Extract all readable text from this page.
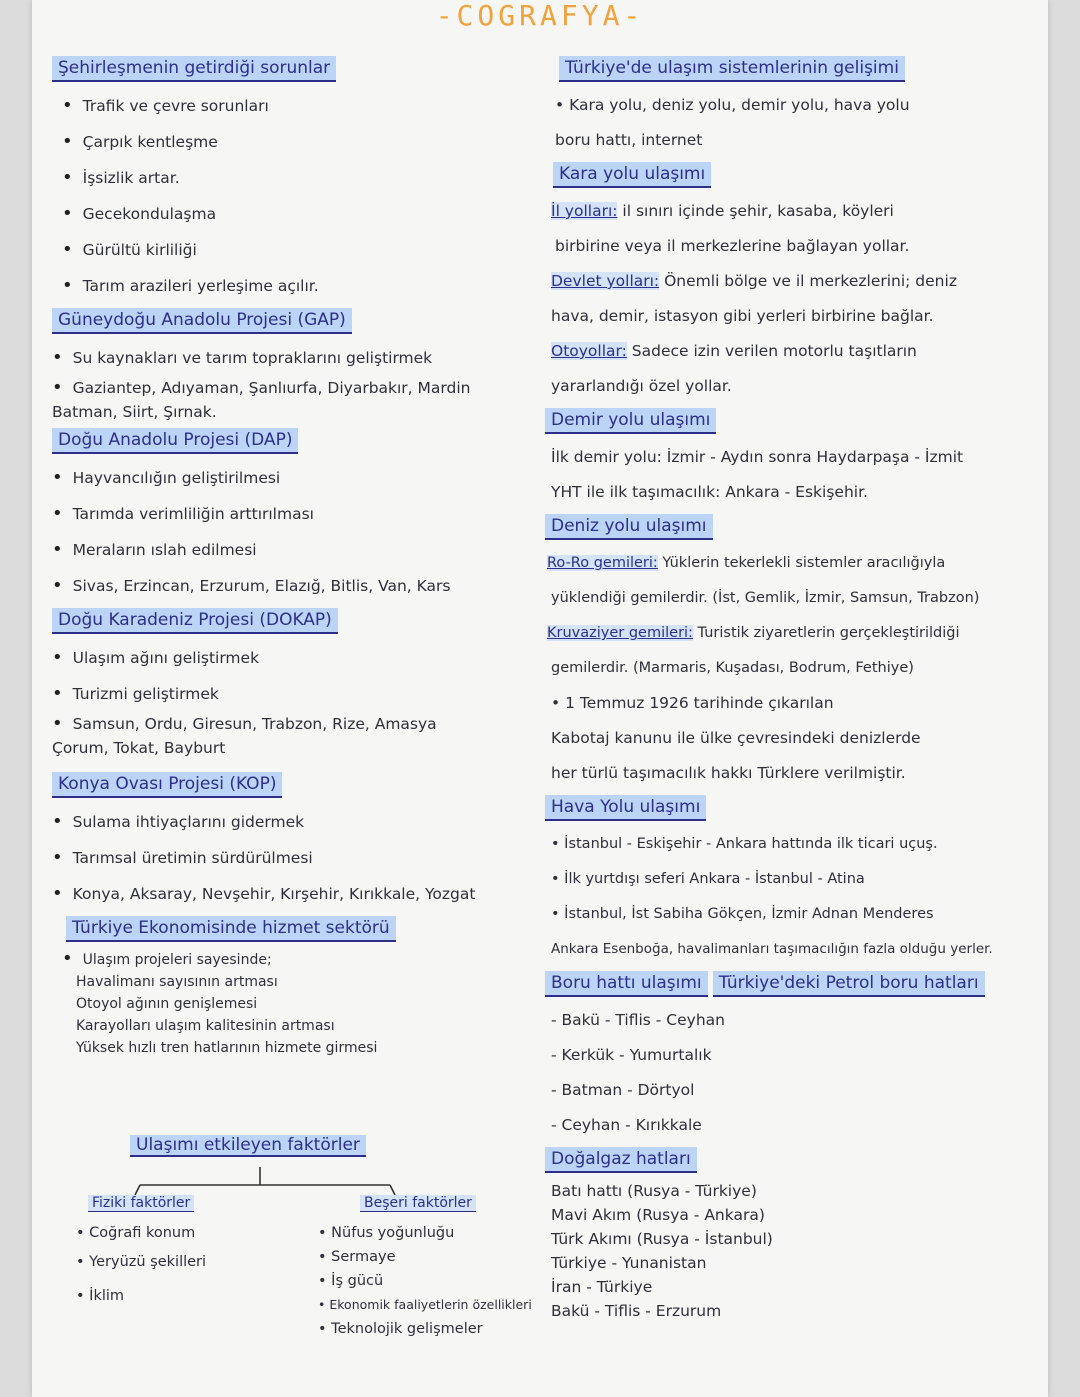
-COGRAFYA-
Şehirleşmenin getirdiği sorunlar
• Trafik ve çevre sorunları
• Çarpık kentleşme
• İşsizlik artar.
• Gecekondulaşma
• Gürültü kirliliği
• Tarım arazileri yerleşime açılır.
Güneydoğu Anadolu Projesi (GAP)
• Su kaynakları ve tarım topraklarını geliştirmek
• Gaziantep, Adıyaman, Şanlıurfa, Diyarbakır, Mardin
Batman, Siirt, Şırnak.
Doğu Anadolu Projesi (DAP)
• Hayvancılığın geliştirilmesi
• Tarımda verimliliğin arttırılması
• Meraların ıslah edilmesi
• Sivas, Erzincan, Erzurum, Elazığ, Bitlis, Van, Kars
Doğu Karadeniz Projesi (DOKAP)
• Ulaşım ağını geliştirmek
• Turizmi geliştirmek
• Samsun, Ordu, Giresun, Trabzon, Rize, Amasya
Çorum, Tokat, Bayburt
Konya Ovası Projesi (KOP)
• Sulama ihtiyaçlarını gidermek
• Tarımsal üretimin sürdürülmesi
• Konya, Aksaray, Nevşehir, Kırşehir, Kırıkkale, Yozgat
Türkiye Ekonomisinde hizmet sektörü
• Ulaşım projeleri sayesinde;
Havalimanı sayısının artması
Otoyol ağının genişlemesi
Karayolları ulaşım kalitesinin artması
Yüksek hızlı tren hatlarının hizmete girmesi
Ulaşımı etkileyen faktörler
Fiziki faktörler
• Coğrafi konum
• Yeryüzü şekilleri
• İklim
Beşeri faktörler
• Nüfus yoğunluğu
• Sermaye
• İş gücü
• Ekonomik faaliyetlerin özellikleri
• Teknolojik gelişmeler
Türkiye'de ulaşım sistemlerinin gelişimi
• Kara yolu, deniz yolu, demir yolu, hava yolu
boru hattı, internet
Kara yolu ulaşımı
İl yolları: il sınırı içinde şehir, kasaba, köyleri
birbirine veya il merkezlerine bağlayan yollar.
Devlet yolları: Önemli bölge ve il merkezlerini; deniz
hava, demir, istasyon gibi yerleri birbirine bağlar.
Otoyollar: Sadece izin verilen motorlu taşıtların
yararlandığı özel yollar.
Demir yolu ulaşımı
İlk demir yolu: İzmir - Aydın sonra Haydarpaşa - İzmit
YHT ile ilk taşımacılık: Ankara - Eskişehir.
Deniz yolu ulaşımı
Ro-Ro gemileri: Yüklerin tekerlekli sistemler aracılığıyla
yüklendiği gemilerdir. (İst, Gemlik, İzmir, Samsun, Trabzon)
Kruvaziyer gemileri: Turistik ziyaretlerin gerçekleştirildiği
gemilerdir. (Marmaris, Kuşadası, Bodrum, Fethiye)
• 1 Temmuz 1926 tarihinde çıkarılan
Kabotaj kanunu ile ülke çevresindeki denizlerde
her türlü taşımacılık hakkı Türklere verilmiştir.
Hava Yolu ulaşımı
• İstanbul - Eskişehir - Ankara hattında ilk ticari uçuş.
• İlk yurtdışı seferi Ankara - İstanbul - Atina
• İstanbul, İst Sabiha Gökçen, İzmir Adnan Menderes
Ankara Esenboğa, havalimanları taşımacılığın fazla olduğu yerler.
Boru hattı ulaşımı Türkiye'deki Petrol boru hatları
- Bakü - Tiflis - Ceyhan
- Kerkük - Yumurtalık
- Batman - Dörtyol
- Ceyhan - Kırıkkale
Doğalgaz hatları
Batı hattı (Rusya - Türkiye)
Mavi Akım (Rusya - Ankara)
Türk Akımı (Rusya - İstanbul)
Türkiye - Yunanistan
İran - Türkiye
Bakü - Tiflis - Erzurum
